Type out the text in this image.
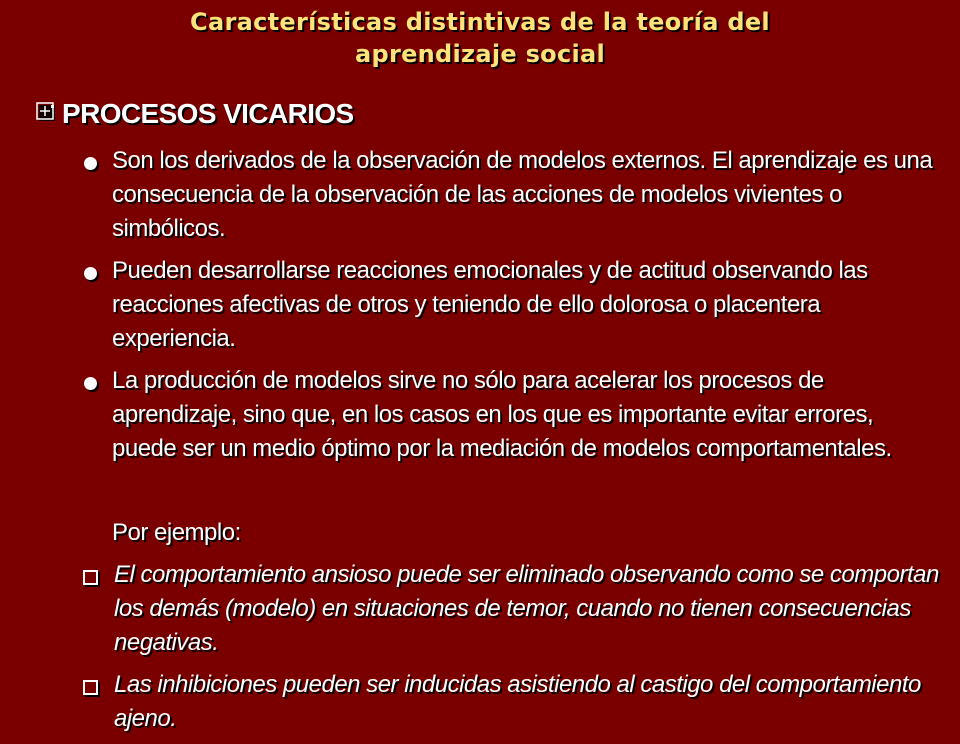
Características distintivas de la teoría del
aprendizaje social
PROCESOS VICARIOS
Son los derivados de la observación de modelos externos. El aprendizaje es una consecuencia de la observación de las acciones de modelos vivientes o simbólicos.
Pueden desarrollarse reacciones emocionales y de actitud observando las reacciones afectivas de otros y teniendo de ello dolorosa o placentera experiencia.
La producción de modelos sirve no sólo para acelerar los procesos de aprendizaje, sino que, en los casos en los que es importante evitar errores, puede ser un medio óptimo por la mediación de modelos comportamentales.
Por ejemplo:
El comportamiento ansioso puede ser eliminado observando como se comportan los demás (modelo) en situaciones de temor, cuando no tienen consecuencias negativas.
Las inhibiciones pueden ser inducidas asistiendo al castigo del comportamiento ajeno.
